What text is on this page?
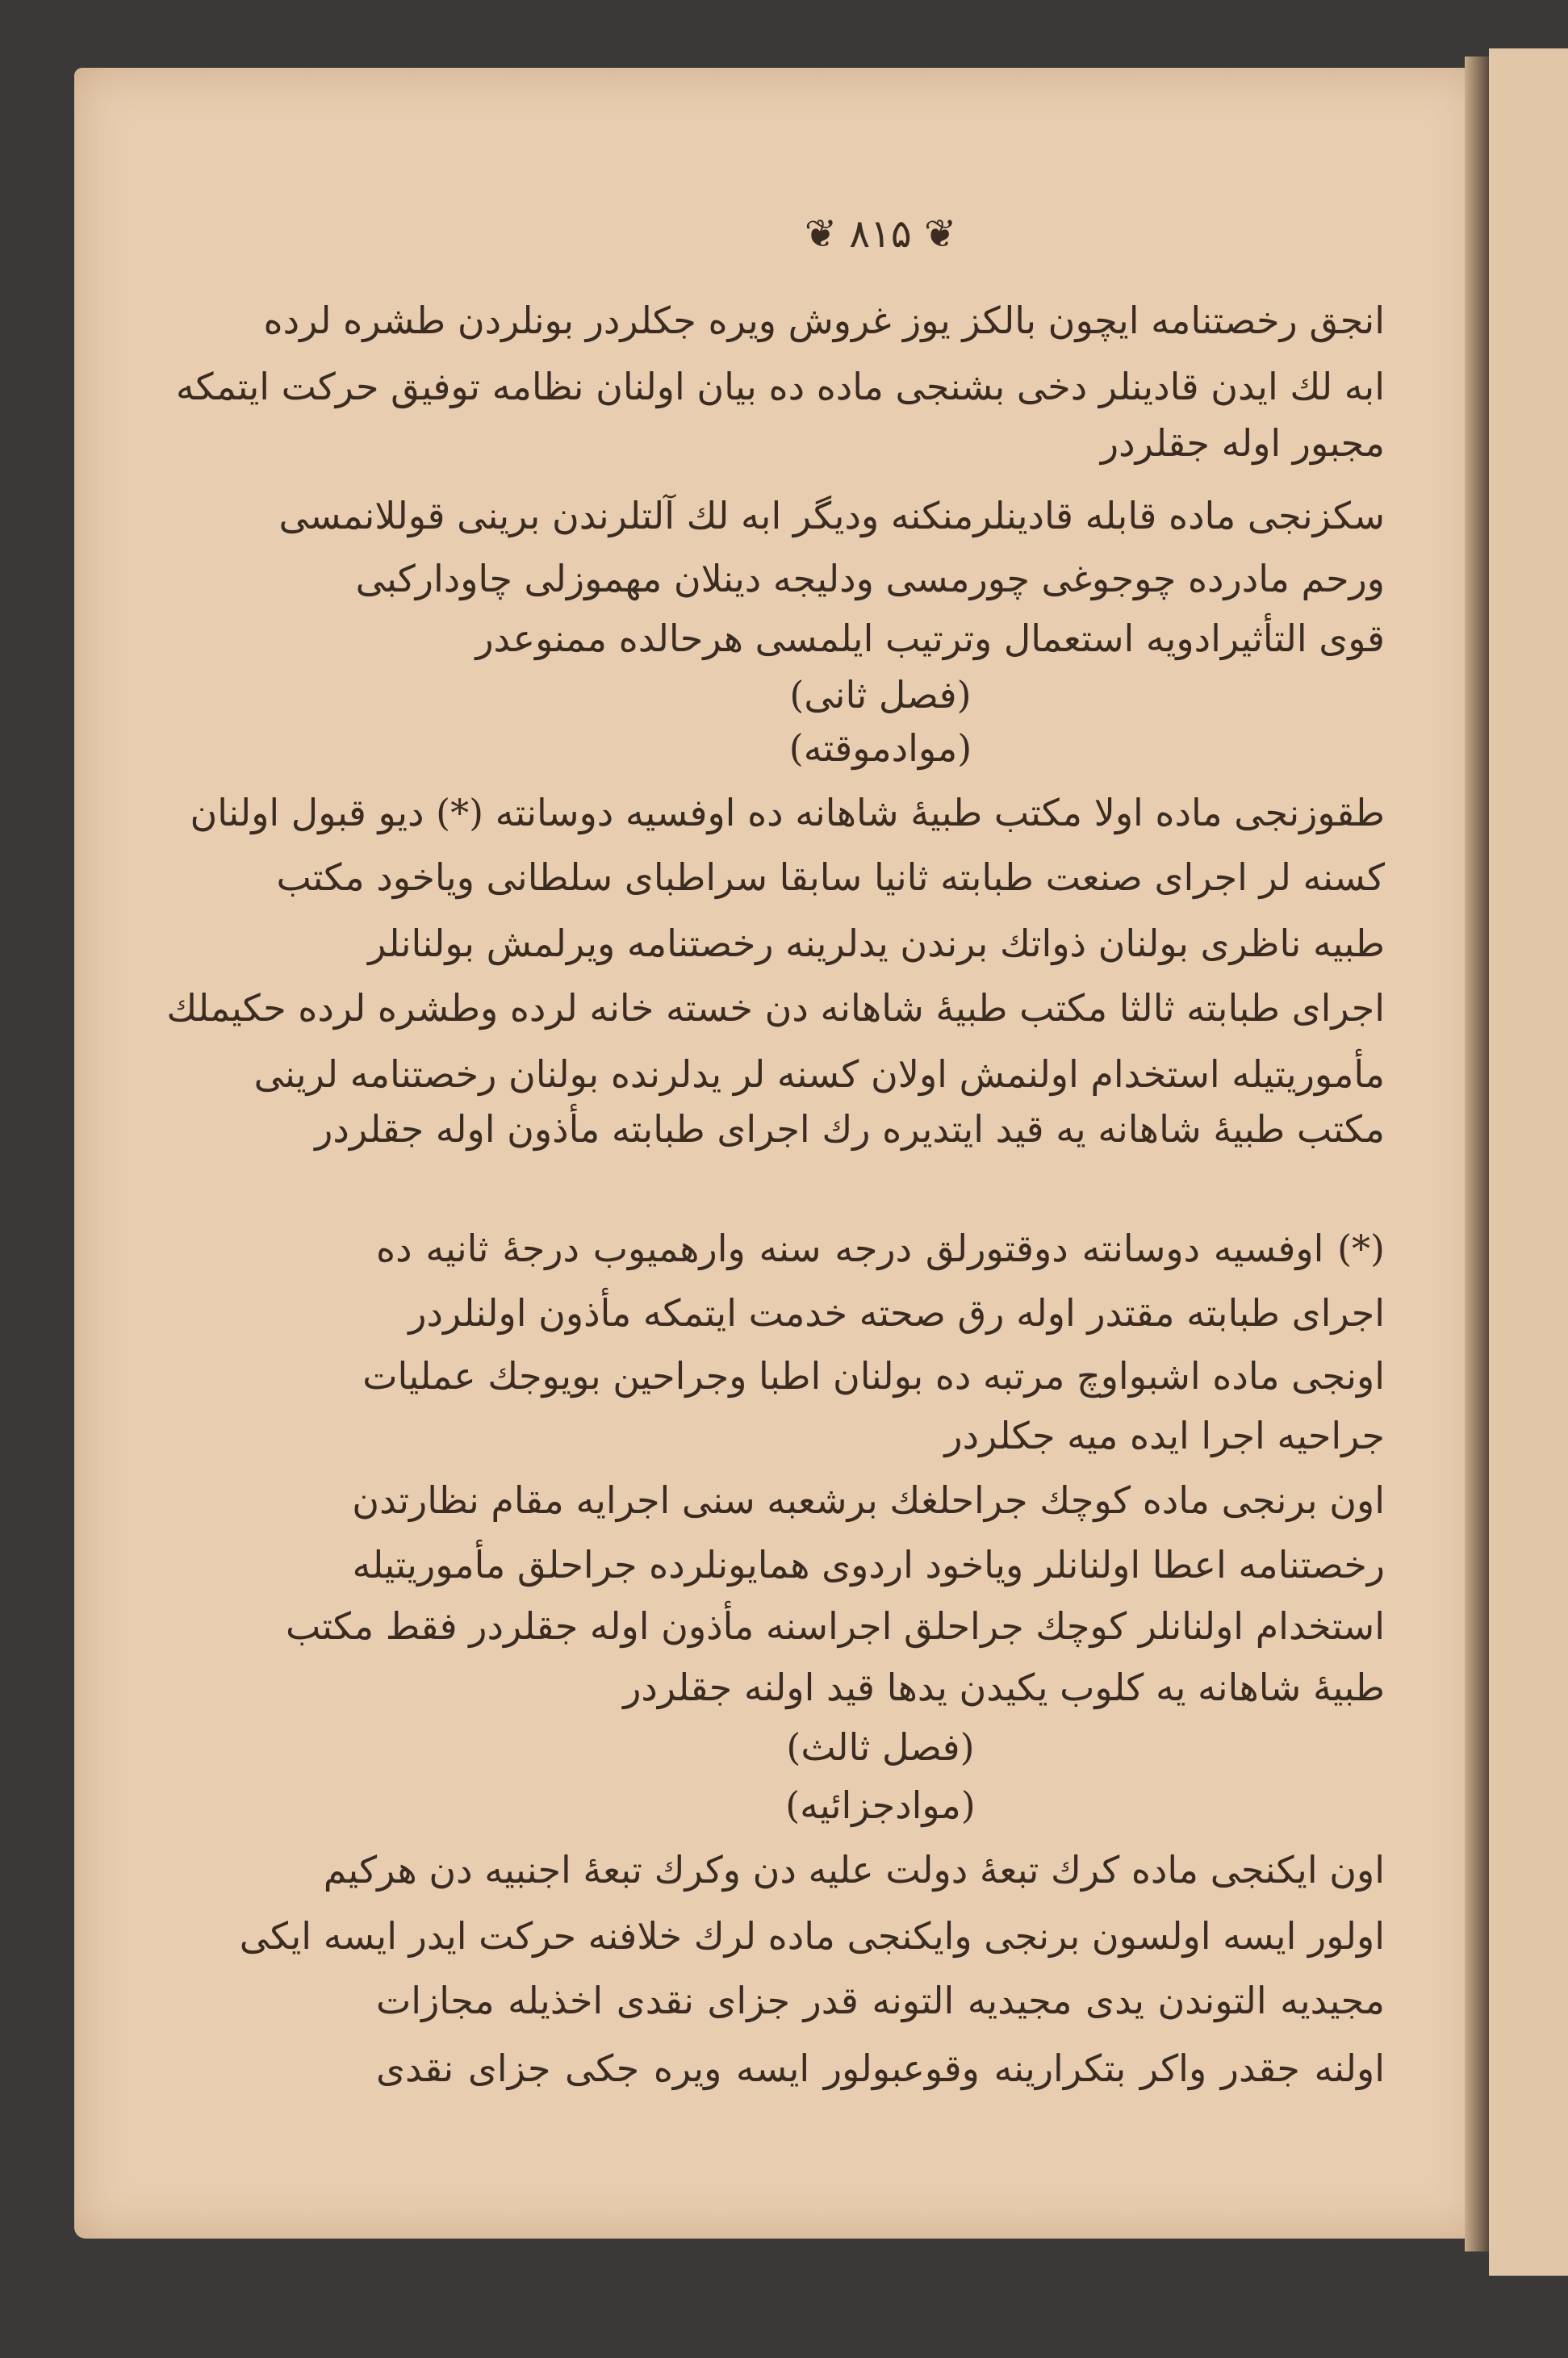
❦ ۸۱۵ ❦
انجق رخصتنامه ایچون بالکز یوز غروش ویره جکلردر بونلردن طشره لرده
ابه لك ایدن قادینلر دخی بشنجی ماده ده بیان اولنان نظامه توفیق حرکت ایتمکه
مجبور اوله جقلردر
سکزنجی ماده قابله قادینلرمنکنه ودیگر ابه لك آلتلرندن برینی قوللانمسی
ورحم مادرده چوجوغی چورمسی ودلیجه دینلان مهموزلی چاودارکبی
قوی التأثیرادویه استعمال وترتیب ایلمسی هرحالده ممنوعدر
(فصل ثانی)
(موادموقته)
طقوزنجی ماده اولا مکتب طبیهٔ شاهانه ده اوفسیه دوسانته (*) دیو قبول اولنان
کسنه لر اجرای صنعت طبابته ثانیا سابقا سراطبای سلطانی ویاخود مکتب
طبیه ناظری بولنان ذواتك برندن یدلرینه رخصتنامه ویرلمش بولنانلر
اجرای طبابته ثالثا مکتب طبیهٔ شاهانه دن خسته خانه لرده وطشره لرده حکیملك
مأموریتیله استخدام اولنمش اولان کسنه لر یدلرنده بولنان رخصتنامه لرینی
مکتب طبیهٔ شاهانه یه قید ایتدیره رك اجرای طبابته مأذون اوله جقلردر
(*) اوفسیه دوسانته دوقتورلق درجه سنه وارهمیوب درجهٔ ثانیه ده
اجرای طبابته مقتدر اوله رق صحته خدمت ایتمکه مأذون اولنلردر
اونجی ماده اشبواوچ مرتبه ده بولنان اطبا وجراحین بویوجك عملیات
جراحیه اجرا ایده میه جکلردر
اون برنجی ماده کوچك جراحلغك برشعبه سنی اجرایه مقام نظارتدن
رخصتنامه اعطا اولنانلر ویاخود اردوی همایونلرده جراحلق مأموریتیله
استخدام اولنانلر کوچك جراحلق اجراسنه مأذون اوله جقلردر فقط مکتب
طبیهٔ شاهانه یه کلوب یکیدن یدها قید اولنه جقلردر
(فصل ثالث)
(موادجزائیه)
اون ایکنجی ماده کرك تبعهٔ دولت علیه دن وکرك تبعهٔ اجنبیه دن هرکیم
اولور ایسه اولسون برنجی وایکنجی ماده لرك خلافنه حرکت ایدر ایسه ایکی
مجیدیه التوندن یدی مجیدیه التونه قدر جزای نقدی اخذیله مجازات
اولنه جقدر واکر بتکرارینه وقوعبولور ایسه ویره جکی جزای نقدی
